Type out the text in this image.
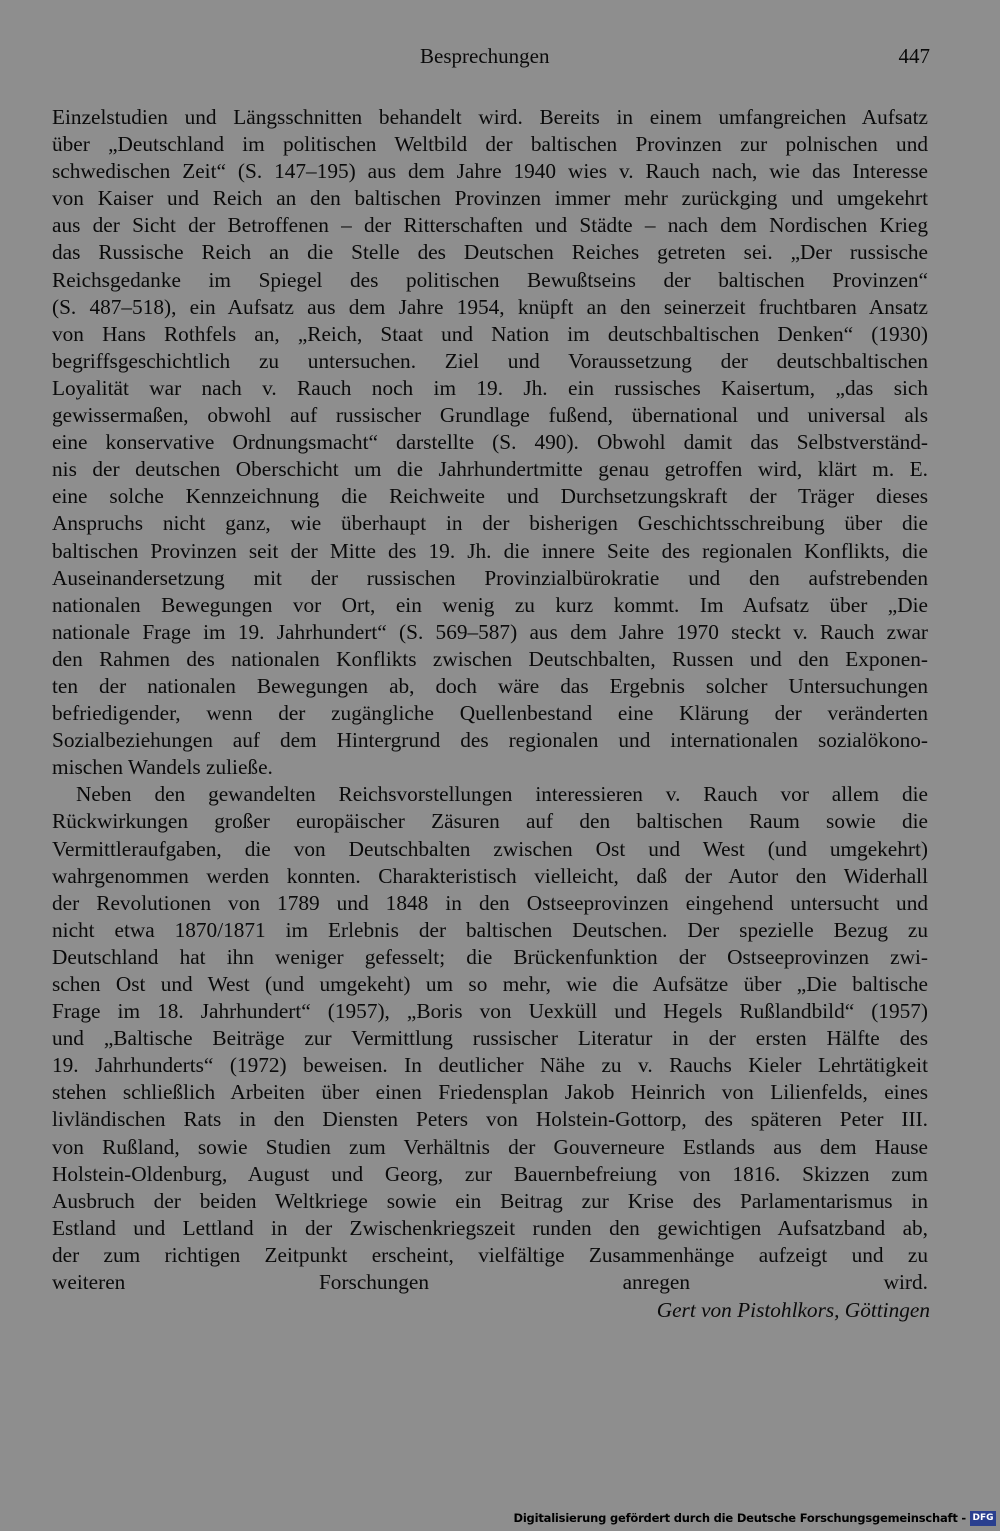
Besprechungen	447
Einzelstudien und Längsschnitten behandelt wird. Bereits in einem umfangreichen Aufsatz
über „Deutschland im politischen Weltbild der baltischen Provinzen zur polnischen und
schwedischen Zeit“ (S. 147–195) aus dem Jahre 1940 wies v. Rauch nach, wie das Interesse
von Kaiser und Reich an den baltischen Provinzen immer mehr zurückging und umgekehrt
aus der Sicht der Betroffenen – der Ritterschaften und Städte – nach dem Nordischen Krieg
das Russische Reich an die Stelle des Deutschen Reiches getreten sei. „Der russische
Reichsgedanke im Spiegel des politischen Bewußtseins der baltischen Provinzen“
(S. 487–518), ein Aufsatz aus dem Jahre 1954, knüpft an den seinerzeit fruchtbaren Ansatz
von Hans Rothfels an, „Reich, Staat und Nation im deutschbaltischen Denken“ (1930)
begriffsgeschichtlich zu untersuchen. Ziel und Voraussetzung der deutschbaltischen
Loyalität war nach v. Rauch noch im 19. Jh. ein russisches Kaisertum, „das sich
gewissermaßen, obwohl auf russischer Grundlage fußend, übernational und universal als
eine konservative Ordnungsmacht“ darstellte (S. 490). Obwohl damit das Selbstverständ-
nis der deutschen Oberschicht um die Jahrhundertmitte genau getroffen wird, klärt m. E.
eine solche Kennzeichnung die Reichweite und Durchsetzungskraft der Träger dieses
Anspruchs nicht ganz, wie überhaupt in der bisherigen Geschichtsschreibung über die
baltischen Provinzen seit der Mitte des 19. Jh. die innere Seite des regionalen Konflikts, die
Auseinandersetzung mit der russischen Provinzialbürokratie und den aufstrebenden
nationalen Bewegungen vor Ort, ein wenig zu kurz kommt. Im Aufsatz über „Die
nationale Frage im 19. Jahrhundert“ (S. 569–587) aus dem Jahre 1970 steckt v. Rauch zwar
den Rahmen des nationalen Konflikts zwischen Deutschbalten, Russen und den Exponen-
ten der nationalen Bewegungen ab, doch wäre das Ergebnis solcher Untersuchungen
befriedigender, wenn der zugängliche Quellenbestand eine Klärung der veränderten
Sozialbeziehungen auf dem Hintergrund des regionalen und internationalen sozialökono-
mischen Wandels zuließe.
Neben den gewandelten Reichsvorstellungen interessieren v. Rauch vor allem die
Rückwirkungen großer europäischer Zäsuren auf den baltischen Raum sowie die
Vermittleraufgaben, die von Deutschbalten zwischen Ost und West (und umgekehrt)
wahrgenommen werden konnten. Charakteristisch vielleicht, daß der Autor den Widerhall
der Revolutionen von 1789 und 1848 in den Ostseeprovinzen eingehend untersucht und
nicht etwa 1870/1871 im Erlebnis der baltischen Deutschen. Der spezielle Bezug zu
Deutschland hat ihn weniger gefesselt; die Brückenfunktion der Ostseeprovinzen zwi-
schen Ost und West (und umgekeht) um so mehr, wie die Aufsätze über „Die baltische
Frage im 18. Jahrhundert“ (1957), „Boris von Uexküll und Hegels Rußlandbild“ (1957)
und „Baltische Beiträge zur Vermittlung russischer Literatur in der ersten Hälfte des
19. Jahrhunderts“ (1972) beweisen. In deutlicher Nähe zu v. Rauchs Kieler Lehrtätigkeit
stehen schließlich Arbeiten über einen Friedensplan Jakob Heinrich von Lilienfelds, eines
livländischen Rats in den Diensten Peters von Holstein-Gottorp, des späteren Peter III.
von Rußland, sowie Studien zum Verhältnis der Gouverneure Estlands aus dem Hause
Holstein-Oldenburg, August und Georg, zur Bauernbefreiung von 1816. Skizzen zum
Ausbruch der beiden Weltkriege sowie ein Beitrag zur Krise des Parlamentarismus in
Estland und Lettland in der Zwischenkriegszeit runden den gewichtigen Aufsatzband ab,
der zum richtigen Zeitpunkt erscheint, vielfältige Zusammenhänge aufzeigt und zu
weiteren Forschungen anregen wird.
Gert von Pistohlkors, Göttingen
Digitalisierung gefördert durch die Deutsche Forschungsgemeinschaft - DFG
